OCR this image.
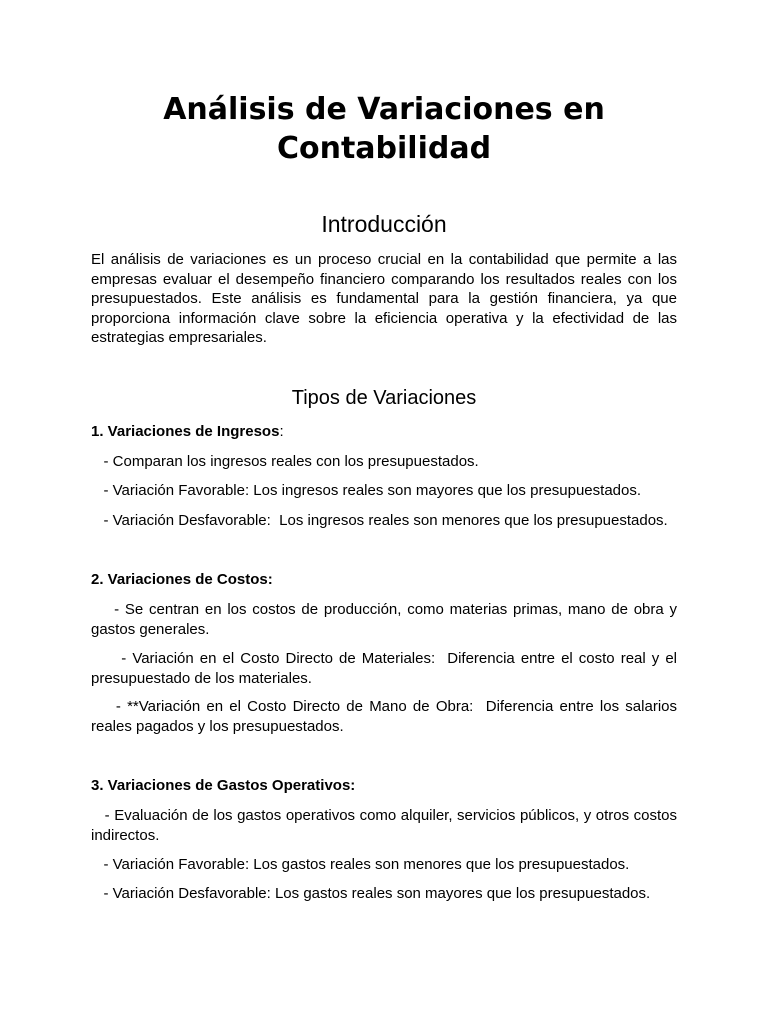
Análisis de Variaciones en Contabilidad
Introducción

El análisis de variaciones es un proceso crucial en la contabilidad que permite a las empresas evaluar el desempeño financiero comparando los resultados reales con los presupuestados. Este análisis es fundamental para la gestión financiera, ya que proporciona información clave sobre la eficiencia operativa y la efectividad de las estrategias empresariales.

Tipos de Variaciones

1. Variaciones de Ingresos:

- Comparan los ingresos reales con los presupuestados.

- Variación Favorable: Los ingresos reales son mayores que los presupuestados.

- Variación Desfavorable:  Los ingresos reales son menores que los presupuestados.

2. Variaciones de Costos:

- Se centran en los costos de producción, como materias primas, mano de obra y gastos generales.

- Variación en el Costo Directo de Materiales:  Diferencia entre el costo real y el presupuestado de los materiales.

- **Variación en el Costo Directo de Mano de Obra:  Diferencia entre los salarios reales pagados y los presupuestados.

3. Variaciones de Gastos Operativos:

- Evaluación de los gastos operativos como alquiler, servicios públicos, y otros costos indirectos.

- Variación Favorable: Los gastos reales son menores que los presupuestados.

- Variación Desfavorable: Los gastos reales son mayores que los presupuestados.
